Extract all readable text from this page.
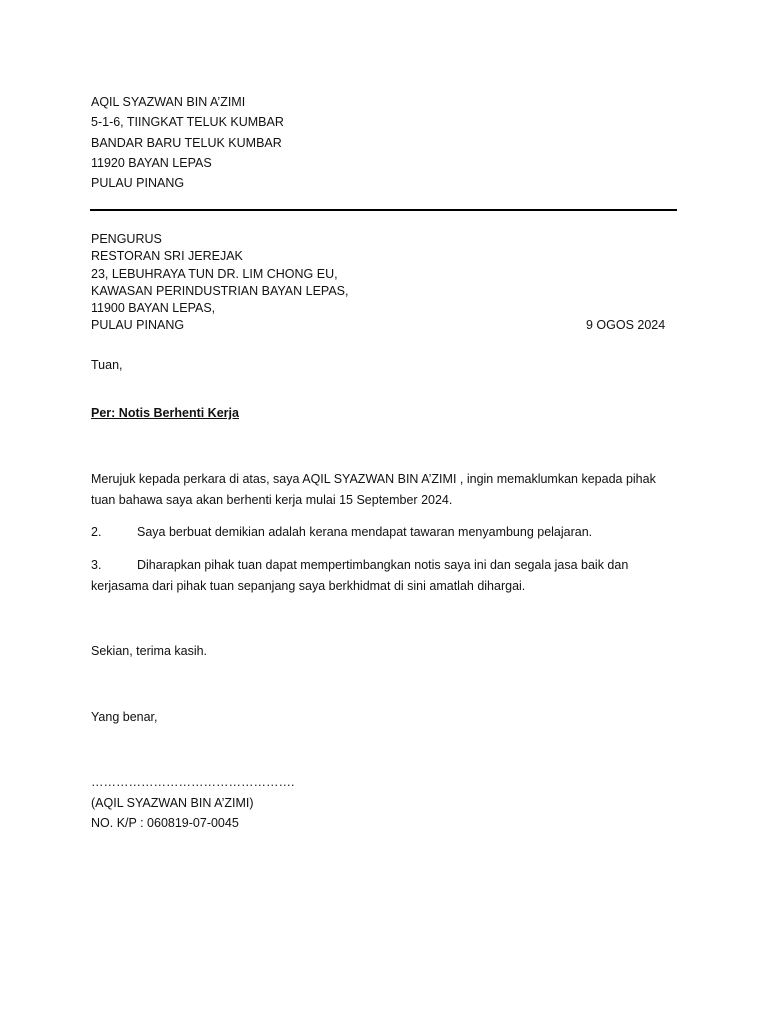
AQIL SYAZWAN BIN A’ZIMI
5-1-6, TIINGKAT TELUK KUMBAR
BANDAR BARU TELUK KUMBAR
11920 BAYAN LEPAS
PULAU PINANG
PENGURUS
RESTORAN SRI JEREJAK
23, LEBUHRAYA TUN DR. LIM CHONG EU,
KAWASAN PERINDUSTRIAN BAYAN LEPAS,
11900 BAYAN LEPAS,
PULAU PINANG	9 OGOS 2024
Tuan,
Per: Notis Berhenti Kerja
Merujuk kepada perkara di atas, saya AQIL SYAZWAN BIN A’ZIMI , ingin memaklumkan kepada pihak
tuan bahawa saya akan berhenti kerja mulai 15 September 2024.
2.	Saya berbuat demikian adalah kerana mendapat tawaran menyambung pelajaran.
3.	Diharapkan pihak tuan dapat mempertimbangkan notis saya ini dan segala jasa baik dan
kerjasama dari pihak tuan sepanjang saya berkhidmat di sini amatlah dihargai.
Sekian, terima kasih.
Yang benar,
………………………………………….
(AQIL SYAZWAN BIN A’ZIMI)
NO. K/P : 060819-07-0045
